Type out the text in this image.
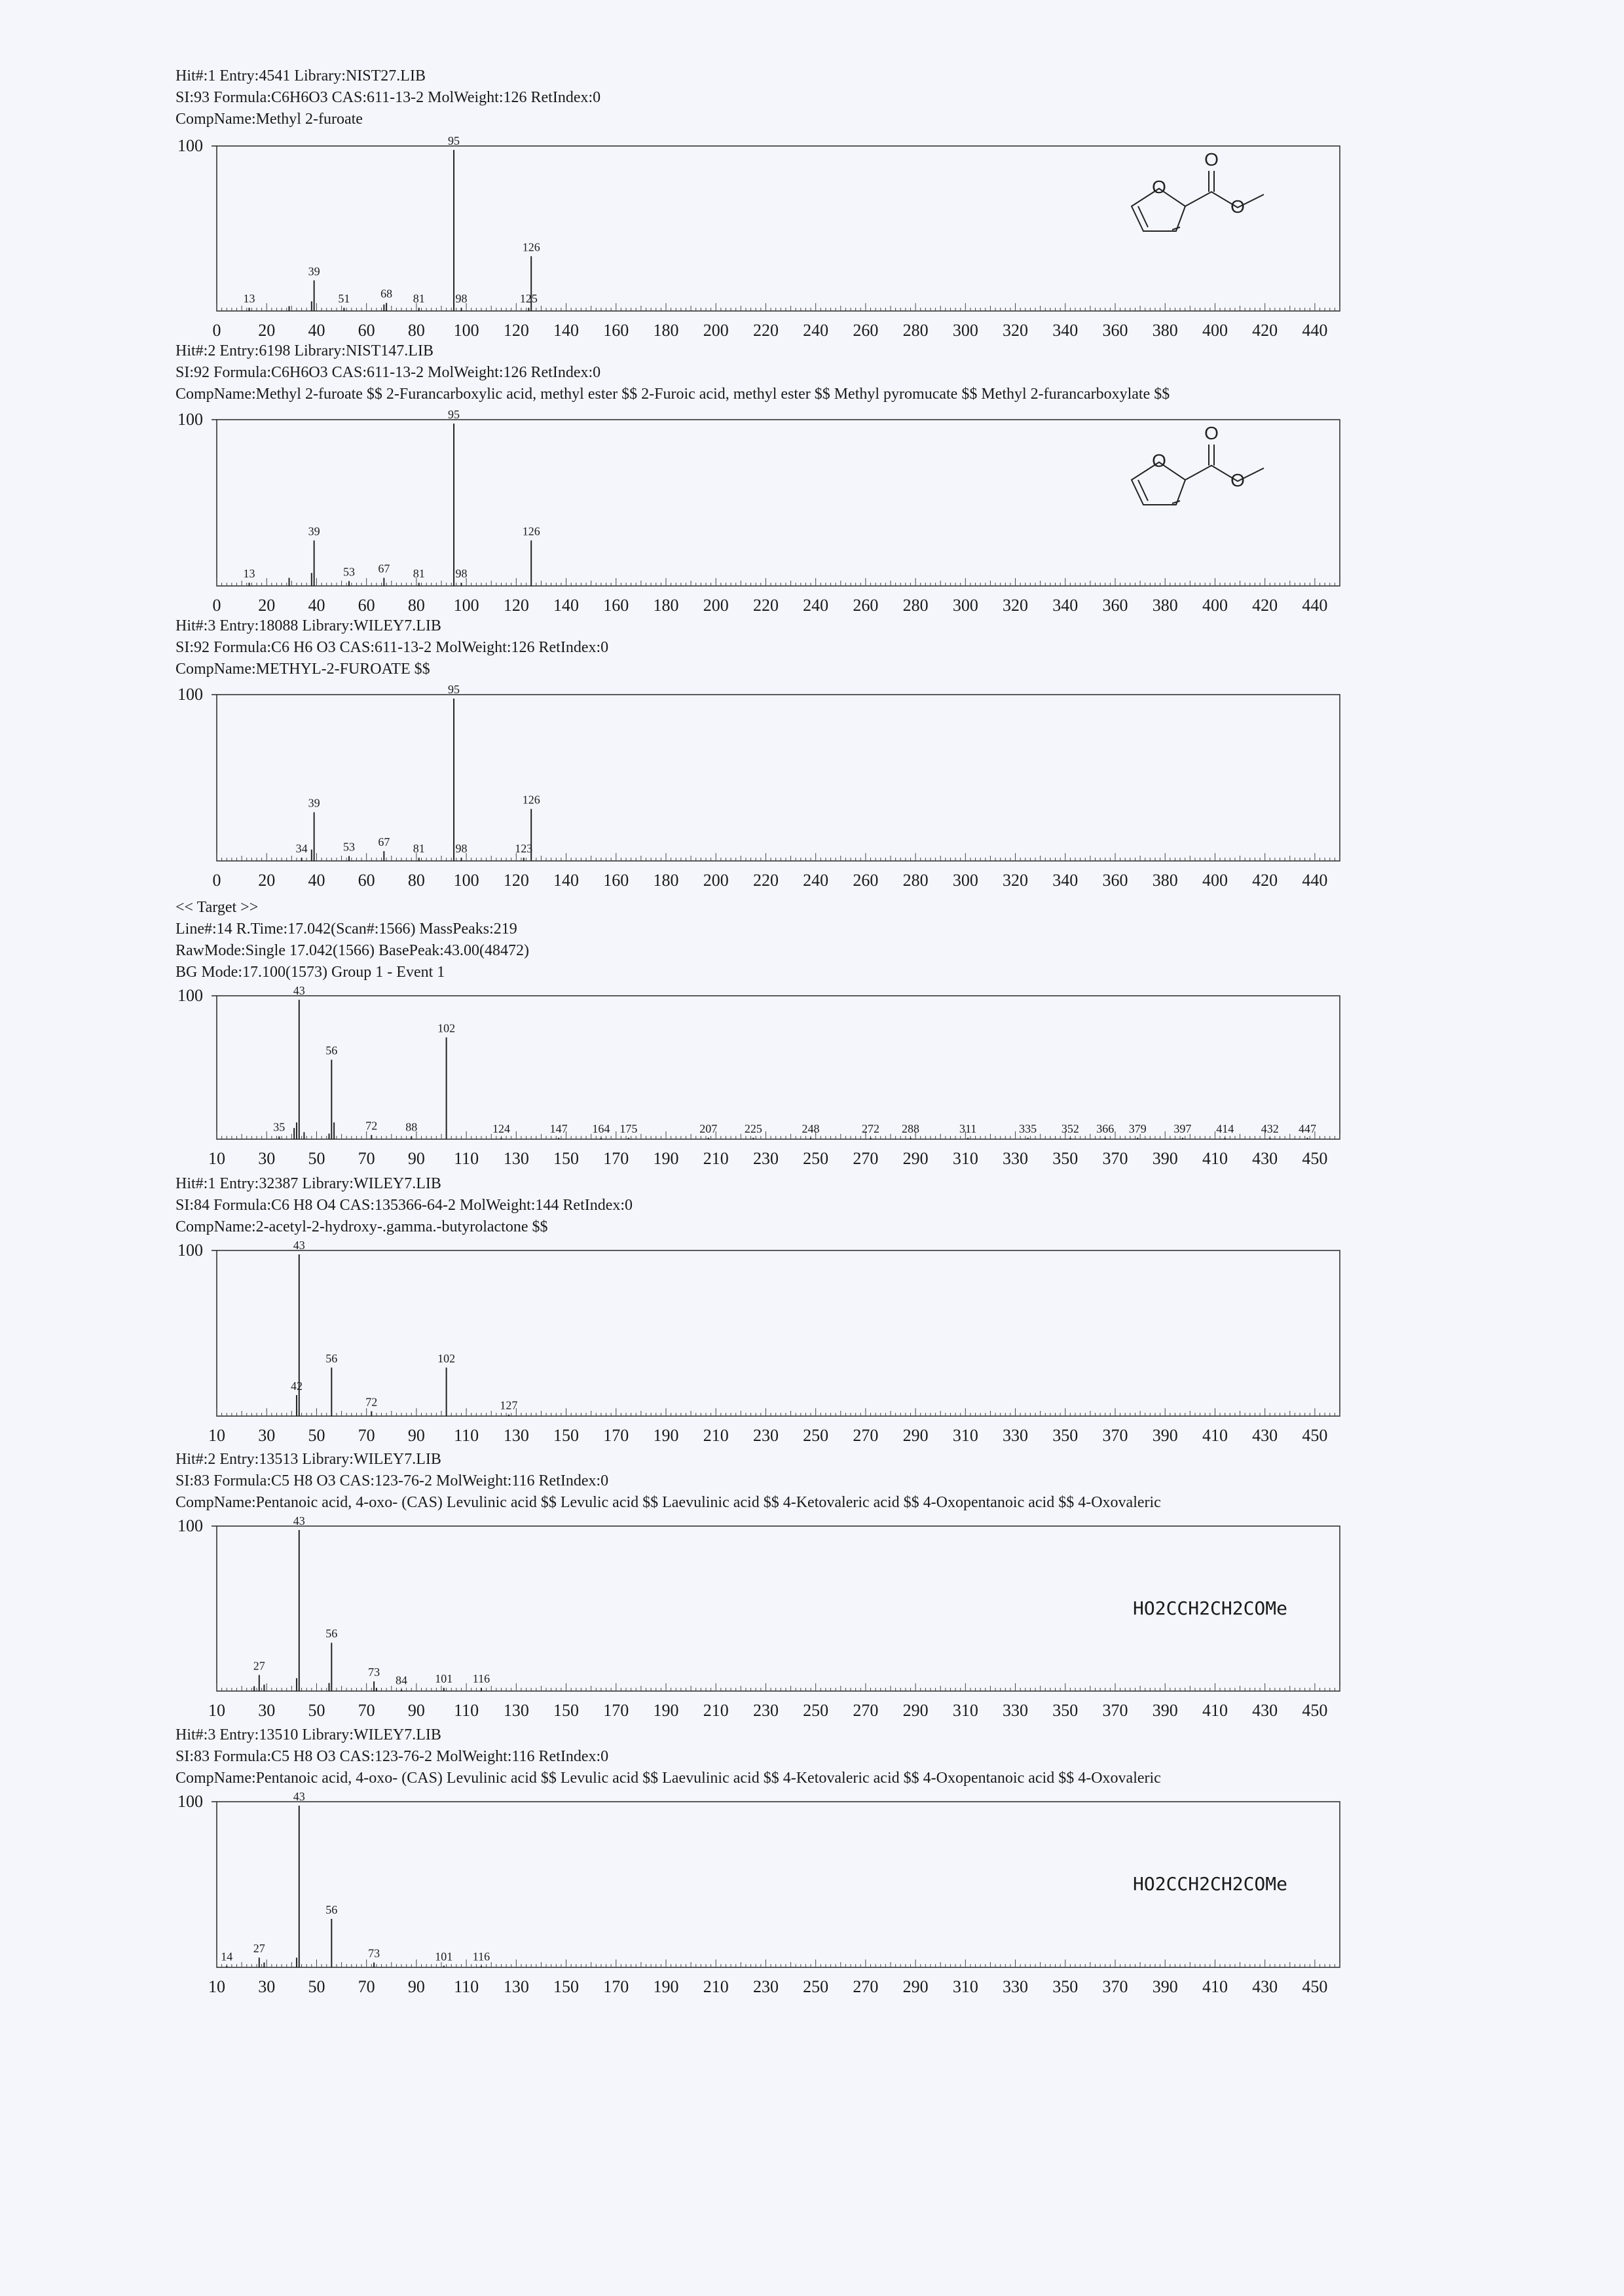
Hit#:1 Entry:4541 Library:NIST27.LIB
SI:93 Formula:C6H6O3 CAS:611-13-2 MolWeight:126 RetIndex:0
CompName:Methyl 2-furoate
100
0 20 40 60 80 100 120 140 160 180 200 220 240 260 280 300 320 340 360 380 400 420 440
13
39
51	68 81
95
98	125
126
O
O
O
Hit#:2 Entry:6198 Library:NIST147.LIB
SI:92 Formula:C6H6O3 CAS:611-13-2 MolWeight:126 RetIndex:0
CompName:Methyl 2-furoate $$ 2-Furancarboxylic acid, methyl ester $$ 2-Furoic acid, methyl ester $$ Methyl pyromucate $$ Methyl 2-furancarboxylate $$
100
0 20 40 60 80 100 120 140 160 180 200 220 240 260 280 300 320 340 360 380 400 420 440
13
39
53 67 81
95
98
126
O
O
O
Hit#:3 Entry:18088 Library:WILEY7.LIB
SI:92 Formula:C6 H6 O3 CAS:611-13-2 MolWeight:126 RetIndex:0
CompName:METHYL-2-FUROATE $$
100
0 20 40 60 80 100 120 140 160 180 200 220 240 260 280 300 320 340 360 380 400 420 440
34
39
53 67 81
95
98	123
126
<< Target >>
Line#:14 R.Time:17.042(Scan#:1566) MassPeaks:219
RawMode:Single 17.042(1566) BasePeak:43.00(48472)
BG Mode:17.100(1573) Group 1 - Event 1
100
10 30 50 70 90 110 130 150 170 190 210 230 250 270 290 310 330 350 370 390 410 430 450
35
43
56
72 88
102
124	147 164 175	207 225	248	272 288	311	335 352 366 379 397 414 432 447
Hit#:1 Entry:32387 Library:WILEY7.LIB
SI:84 Formula:C6 H8 O4 CAS:135366-64-2 MolWeight:144 RetIndex:0
CompName:2-acetyl-2-hydroxy-.gamma.-butyrolactone $$
100
10 30 50 70 90 110 130 150 170 190 210 230 250 270 290 310 330 350 370 390 410 430 450
42
43
56
72
102
127
Hit#:2 Entry:13513 Library:WILEY7.LIB
SI:83 Formula:C5 H8 O3 CAS:123-76-2 MolWeight:116 RetIndex:0
CompName:Pentanoic acid, 4-oxo- (CAS) Levulinic acid $$ Levulic acid $$ Laevulinic acid $$ 4-Ketovaleric acid $$ 4-Oxopentanoic acid $$ 4-Oxovaleric
100
10 30 50 70 90 110 130 150 170 190 210 230 250 270 290 310 330 350 370 390 410 430 450
27
43
56
73
84 101 116
HO2CCH2CH2COMe
Hit#:3 Entry:13510 Library:WILEY7.LIB
SI:83 Formula:C5 H8 O3 CAS:123-76-2 MolWeight:116 RetIndex:0
CompName:Pentanoic acid, 4-oxo- (CAS) Levulinic acid $$ Levulic acid $$ Laevulinic acid $$ 4-Ketovaleric acid $$ 4-Oxopentanoic acid $$ 4-Oxovaleric
100
10 30 50 70 90 110 130 150 170 190 210 230 250 270 290 310 330 350 370 390 410 430 450
14
27
43
56
73	101 116
HO2CCH2CH2COMe
